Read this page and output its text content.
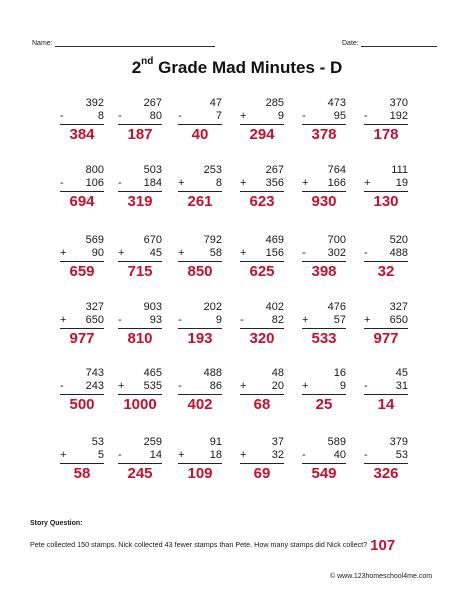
Name:	Date:
2nd Grade Mad Minutes - D
392
-	8
384
267
-	80
187
47
-	7
40
285
+	9
294
473
-	95
378
370
- 192
178
800
- 106
694
503
- 184
319
253
+	8
261
267
+ 356
623
764
+ 166
930
111
+ 19
130
569
+ 90
659
670
+ 45
715
792
+ 58
850
469
+ 156
625
700
- 302
398
520
- 488
32
327
+ 650
977
903
-	93
810
202
-	9
193
402
-	82
320
476
+ 57
533
327
+ 650
977
743
- 243
500
465
+ 535
1000
488
-	86
402
48
+ 20
68
16
+	9
25
45
-	31
14
53
+	5
58
259
-	14
245
91
+ 18
109
37
+ 32
69
589
-	40
549
379
-	53
326
Story Question:
Pete collected 150 stamps. Nick collected 43 fewer stamps than Pete. How many stamps did Nick collect? 107
© www.123homeschool4me.com
